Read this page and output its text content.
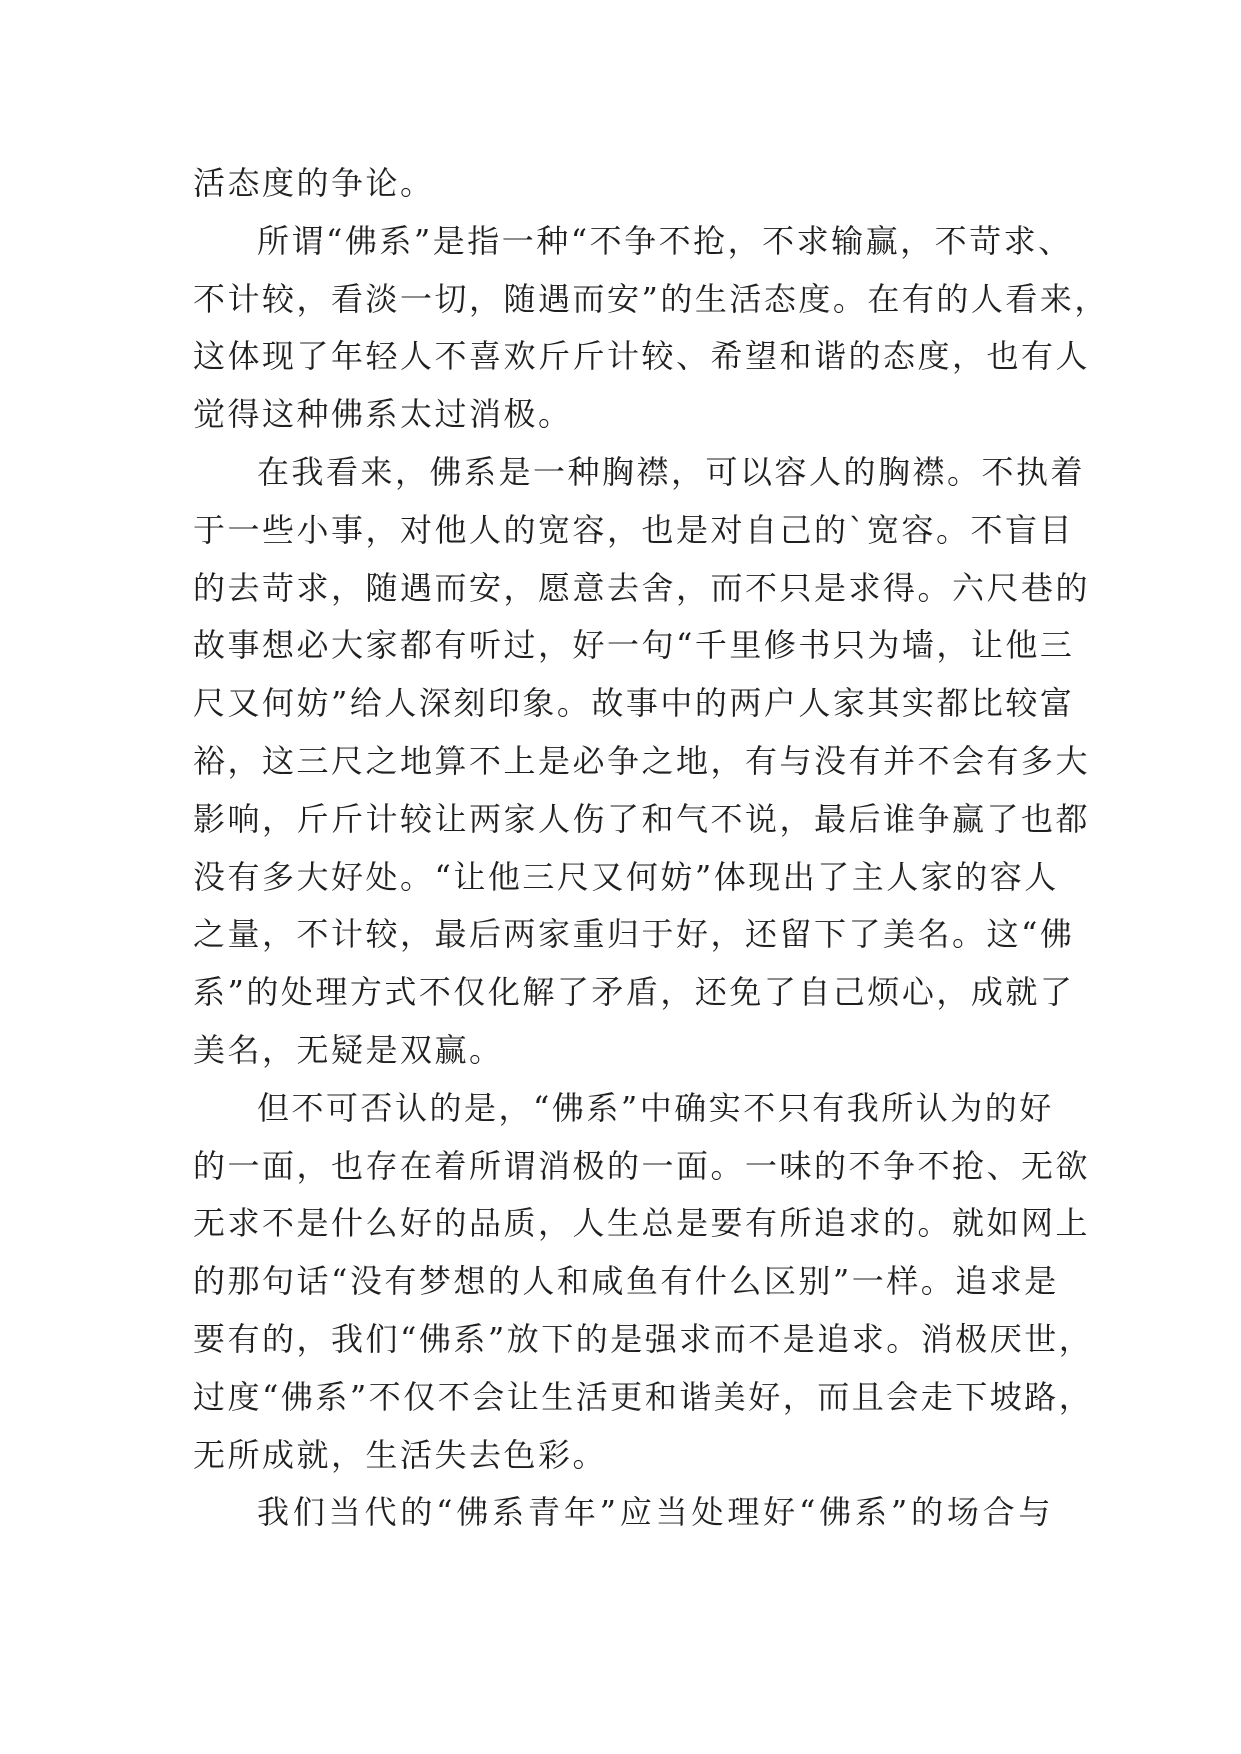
活态度的争论。
所谓“佛系”是指一种“不争不抢，不求输赢，不苛求、
不计较，看淡一切，随遇而安”的生活态度。在有的人看来，
这体现了年轻人不喜欢斤斤计较、希望和谐的态度，也有人
觉得这种佛系太过消极。
在我看来，佛系是一种胸襟，可以容人的胸襟。不执着
于一些小事，对他人的宽容，也是对自己的`宽容。不盲目
的去苛求，随遇而安，愿意去舍，而不只是求得。六尺巷的
故事想必大家都有听过，好一句“千里修书只为墙，让他三
尺又何妨”给人深刻印象。故事中的两户人家其实都比较富
裕，这三尺之地算不上是必争之地，有与没有并不会有多大
影响，斤斤计较让两家人伤了和气不说，最后谁争赢了也都
没有多大好处。“让他三尺又何妨”体现出了主人家的容人
之量，不计较，最后两家重归于好，还留下了美名。这“佛
系”的处理方式不仅化解了矛盾，还免了自己烦心，成就了
美名，无疑是双赢。
但不可否认的是，“佛系”中确实不只有我所认为的好
的一面，也存在着所谓消极的一面。一味的不争不抢、无欲
无求不是什么好的品质，人生总是要有所追求的。就如网上
的那句话“没有梦想的人和咸鱼有什么区别”一样。追求是
要有的，我们“佛系”放下的是强求而不是追求。消极厌世，
过度“佛系”不仅不会让生活更和谐美好，而且会走下坡路，
无所成就，生活失去色彩。
我们当代的“佛系青年”应当处理好“佛系”的场合与
